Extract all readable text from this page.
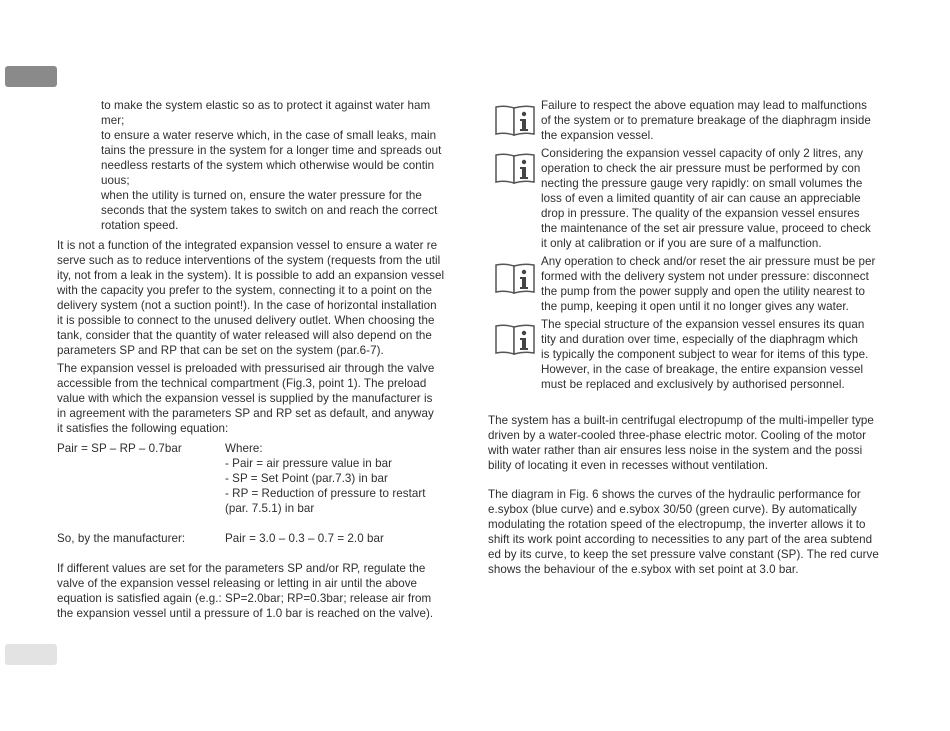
to make the system elastic so as to protect it against water ham
mer;
to ensure a water reserve which, in the case of small leaks, main
tains the pressure in the system for a longer time and spreads out
needless restarts of the system which otherwise would be contin
uous;
when the utility is turned on, ensure the water pressure for the
seconds that the system takes to switch on and reach the correct
rotation speed.
It is not a function of the integrated expansion vessel to ensure a water re
serve such as to reduce interventions of the system (requests from the util
ity, not from a leak in the system). It is possible to add an expansion vessel
with the capacity you prefer to the system, connecting it to a point on the
delivery system (not a suction point!). In the case of horizontal installation
it is possible to connect to the unused delivery outlet. When choosing the
tank, consider that the quantity of water released will also depend on the
parameters SP and RP that can be set on the system (par.6-7).
The expansion vessel is preloaded with pressurised air through the valve
accessible from the technical compartment (Fig.3, point 1). The preload
value with which the expansion vessel is supplied by the manufacturer is
in agreement with the parameters SP and RP set as default, and anyway
it satisfies the following equation:
Pair = SP – RP – 0.7bar	Where:
- Pair = air pressure value in bar
- SP = Set Point (par.7.3) in bar
- RP = Reduction of pressure to restart
(par. 7.5.1) in bar
So, by the manufacturer:	Pair = 3.0 – 0.3 – 0.7 = 2.0 bar
If different values are set for the parameters SP and/or RP, regulate the
valve of the expansion vessel releasing or letting in air until the above
equation is satisfied again (e.g.: SP=2.0bar; RP=0.3bar; release air from
the expansion vessel until a pressure of 1.0 bar is reached on the valve).
Failure to respect the above equation may lead to malfunctions
of the system or to premature breakage of the diaphragm inside
the expansion vessel.
Considering the expansion vessel capacity of only 2 litres, any
operation to check the air pressure must be performed by con
necting the pressure gauge very rapidly: on small volumes the
loss of even a limited quantity of air can cause an appreciable
drop in pressure. The quality of the expansion vessel ensures
the maintenance of the set air pressure value, proceed to check
it only at calibration or if you are sure of a malfunction.
Any operation to check and/or reset the air pressure must be per
formed with the delivery system not under pressure: disconnect
the pump from the power supply and open the utility nearest to
the pump, keeping it open until it no longer gives any water.
The special structure of the expansion vessel ensures its quan
tity and duration over time, especially of the diaphragm which
is typically the component subject to wear for items of this type.
However, in the case of breakage, the entire expansion vessel
must be replaced and exclusively by authorised personnel.
The system has a built-in centrifugal electropump of the multi-impeller type
driven by a water-cooled three-phase electric motor. Cooling of the motor
with water rather than air ensures less noise in the system and the possi
bility of locating it even in recesses without ventilation.
The diagram in Fig. 6 shows the curves of the hydraulic performance for
e.sybox (blue curve) and e.sybox 30/50 (green curve). By automatically
modulating the rotation speed of the electropump, the inverter allows it to
shift its work point according to necessities to any part of the area subtend
ed by its curve, to keep the set pressure valve constant (SP). The red curve
shows the behaviour of the e.sybox with set point at 3.0 bar.
